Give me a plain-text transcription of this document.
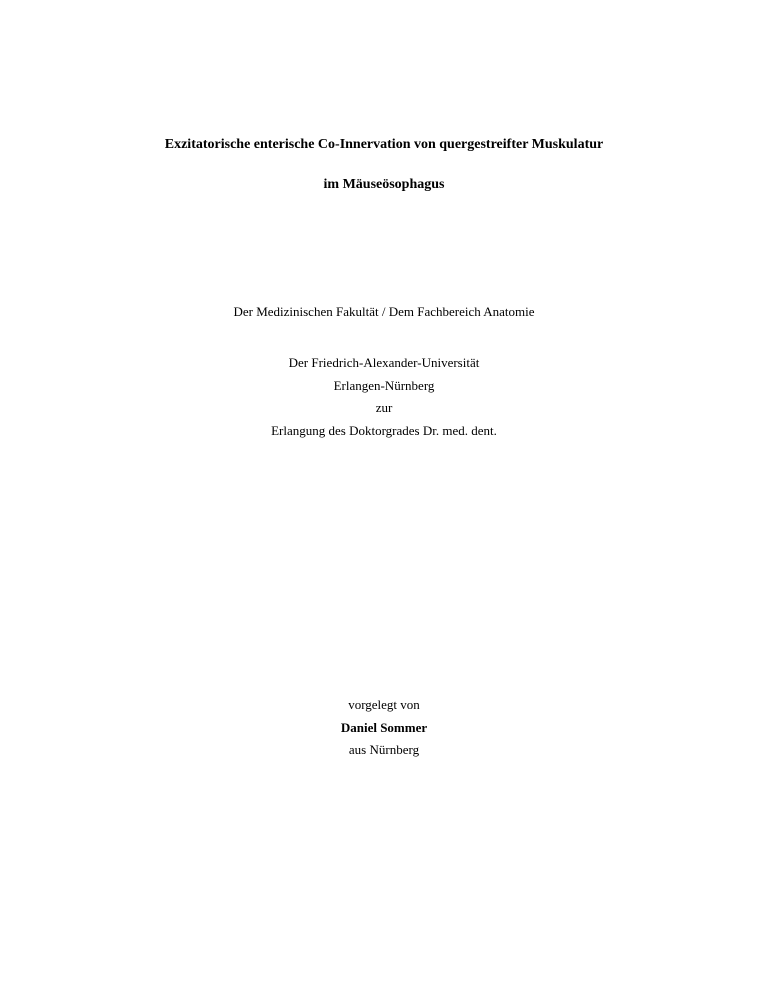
Exzitatorische enterische Co-Innervation von quergestreifter Muskulatur
im Mäuseösophagus
Der Medizinischen Fakultät / Dem Fachbereich Anatomie
Der Friedrich-Alexander-Universität
Erlangen-Nürnberg
zur
Erlangung des Doktorgrades Dr. med. dent.
vorgelegt von
Daniel Sommer
aus Nürnberg
